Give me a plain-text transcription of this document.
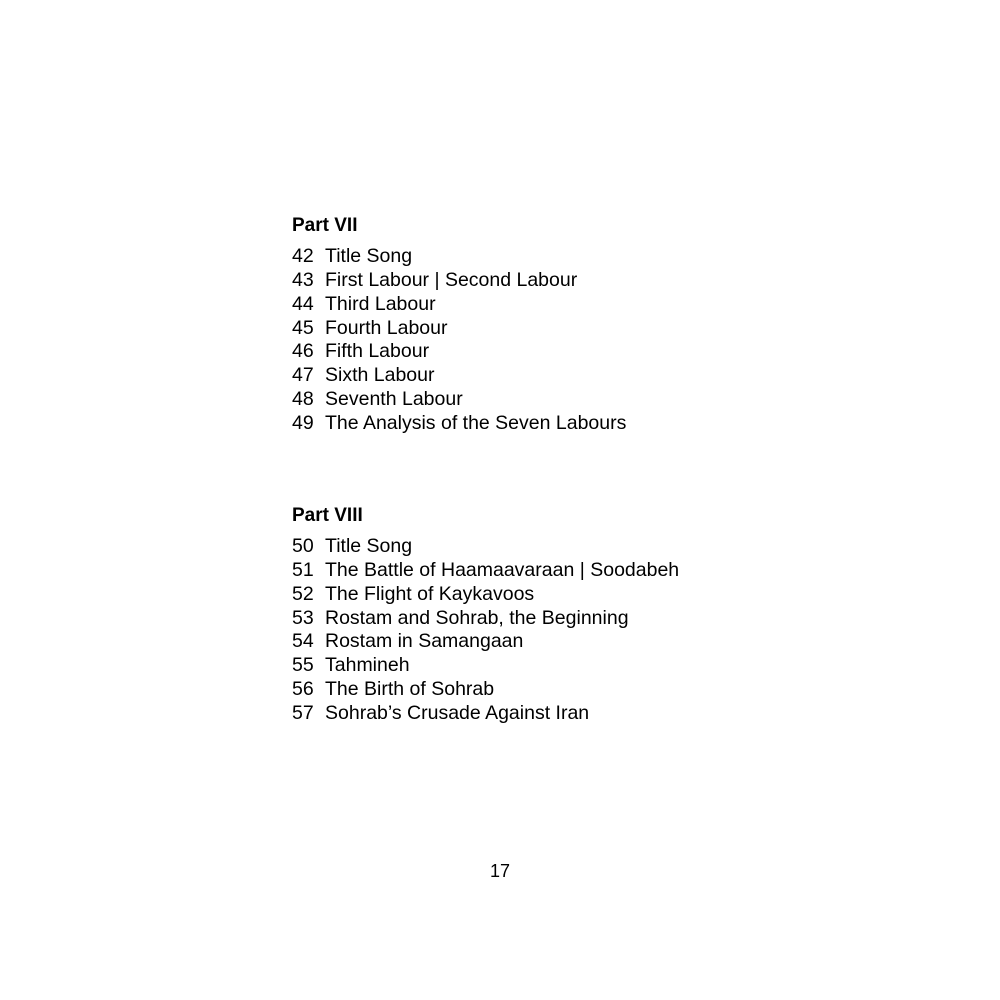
Part VII
42 Title Song
43 First Labour | Second Labour
44 Third Labour
45 Fourth Labour
46 Fifth Labour
47 Sixth Labour
48 Seventh Labour
49 The Analysis of the Seven Labours
Part VIII
50 Title Song
51 The Battle of Haamaavaraan | Soodabeh
52 The Flight of Kaykavoos
53 Rostam and Sohrab, the Beginning
54 Rostam in Samangaan
55 Tahmineh
56 The Birth of Sohrab
57 Sohrab’s Crusade Against Iran
17
